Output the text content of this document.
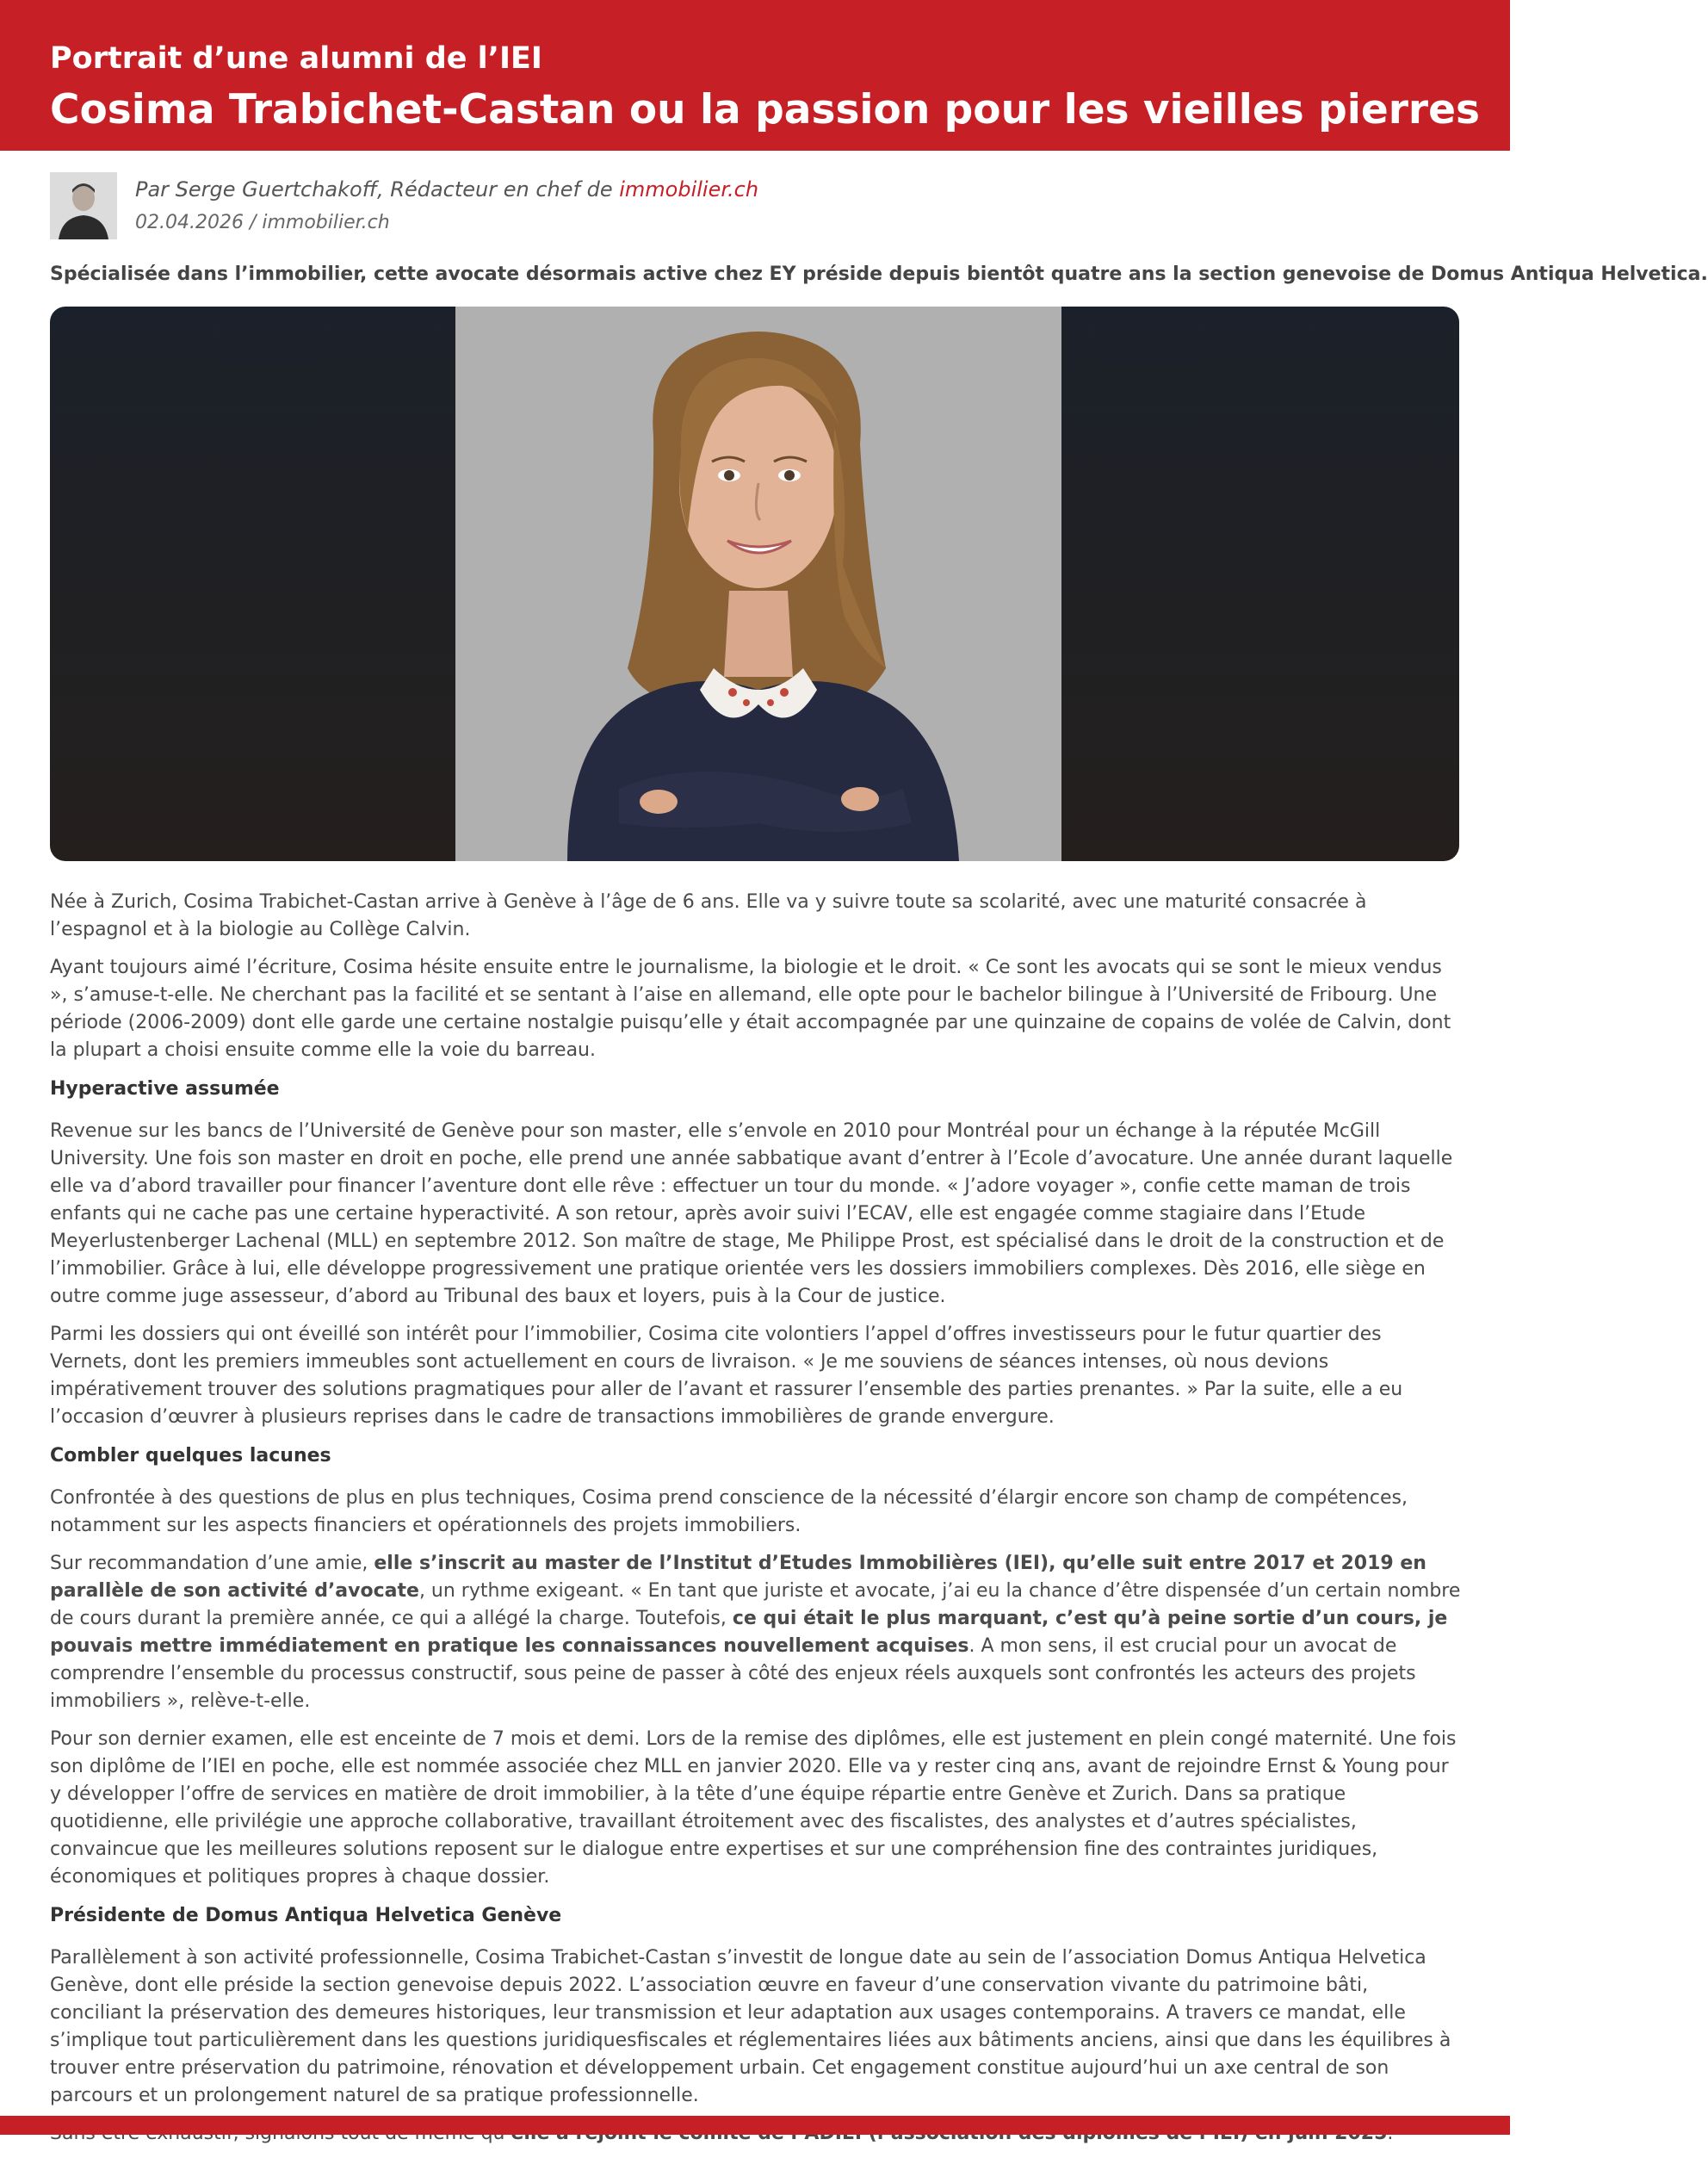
Portrait d’une alumni de l’IEI
Cosima Trabichet-Castan ou la passion pour les vieilles pierres
Par Serge Guertchakoff, Rédacteur en chef de immobilier.ch
02.04.2026 / immobilier.ch
Spécialisée dans l’immobilier, cette avocate désormais active chez EY préside depuis bientôt quatre ans la section genevoise de Domus Antiqua Helvetica.

Née à Zurich, Cosima Trabichet-Castan arrive à Genève à l’âge de 6 ans. Elle va y suivre toute sa scolarité, avec une maturité consacrée à l’espagnol et à la biologie au Collège Calvin.

Ayant toujours aimé l’écriture, Cosima hésite ensuite entre le journalisme, la biologie et le droit. « Ce sont les avocats qui se sont le mieux vendus », s’amuse-t-elle. Ne cherchant pas la facilité et se sentant à l’aise en allemand, elle opte pour le bachelor bilingue à l’Université de Fribourg. Une période (2006-2009) dont elle garde une certaine nostalgie puisqu’elle y était accompagnée par une quinzaine de copains de volée de Calvin, dont la plupart a choisi ensuite comme elle la voie du barreau.

Hyperactive assumée

Revenue sur les bancs de l’Université de Genève pour son master, elle s’envole en 2010 pour Montréal pour un échange à la réputée McGill University. Une fois son master en droit en poche, elle prend une année sabbatique avant d’entrer à l’Ecole d’avocature. Une année durant laquelle elle va d’abord travailler pour financer l’aventure dont elle rêve : effectuer un tour du monde. « J’adore voyager », confie cette maman de trois enfants qui ne cache pas une certaine hyperactivité. A son retour, après avoir suivi l’ECAV, elle est engagée comme stagiaire dans l’Etude Meyerlustenberger Lachenal (MLL) en septembre 2012. Son maître de stage, Me Philippe Prost, est spécialisé dans le droit de la construction et de l’immobilier. Grâce à lui, elle développe progressivement une pratique orientée vers les dossiers immobiliers complexes. Dès 2016, elle siège en outre comme juge assesseur, d’abord au Tribunal des baux et loyers, puis à la Cour de justice.

Parmi les dossiers qui ont éveillé son intérêt pour l’immobilier, Cosima cite volontiers l’appel d’offres investisseurs pour le futur quartier des Vernets, dont les premiers immeubles sont actuellement en cours de livraison. « Je me souviens de séances intenses, où nous devions impérativement trouver des solutions pragmatiques pour aller de l’avant et rassurer l’ensemble des parties prenantes. » Par la suite, elle a eu l’occasion d’œuvrer à plusieurs reprises dans le cadre de transactions immobilières de grande envergure.

Combler quelques lacunes

Confrontée à des questions de plus en plus techniques, Cosima prend conscience de la nécessité d’élargir encore son champ de compétences, notamment sur les aspects financiers et opérationnels des projets immobiliers.

Sur recommandation d’une amie, elle s’inscrit au master de l’Institut d’Etudes Immobilières (IEI), qu’elle suit entre 2017 et 2019 en parallèle de son activité d’avocate, un rythme exigeant. « En tant que juriste et avocate, j’ai eu la chance d’être dispensée d’un certain nombre de cours durant la première année, ce qui a allégé la charge. Toutefois, ce qui était le plus marquant, c’est qu’à peine sortie d’un cours, je pouvais mettre immédiatement en pratique les connaissances nouvellement acquises. A mon sens, il est crucial pour un avocat de comprendre l’ensemble du processus constructif, sous peine de passer à côté des enjeux réels auxquels sont confrontés les acteurs des projets immobiliers », relève-t-elle.

Pour son dernier examen, elle est enceinte de 7 mois et demi. Lors de la remise des diplômes, elle est justement en plein congé maternité. Une fois son diplôme de l’IEI en poche, elle est nommée associée chez MLL en janvier 2020. Elle va y rester cinq ans, avant de rejoindre Ernst & Young pour y développer l’offre de services en matière de droit immobilier, à la tête d’une équipe répartie entre Genève et Zurich. Dans sa pratique quotidienne, elle privilégie une approche collaborative, travaillant étroitement avec des fiscalistes, des analystes et d’autres spécialistes, convaincue que les meilleures solutions reposent sur le dialogue entre expertises et sur une compréhension fine des contraintes juridiques, économiques et politiques propres à chaque dossier.

Présidente de Domus Antiqua Helvetica Genève

Parallèlement à son activité professionnelle, Cosima Trabichet-Castan s’investit de longue date au sein de l’association Domus Antiqua Helvetica Genève, dont elle préside la section genevoise depuis 2022. L’association œuvre en faveur d’une conservation vivante du patrimoine bâti, conciliant la préservation des demeures historiques, leur transmission et leur adaptation aux usages contemporains. A travers ce mandat, elle s’implique tout particulièrement dans les questions juridiquesfiscales et réglementaires liées aux bâtiments anciens, ainsi que dans les équilibres à trouver entre préservation du patrimoine, rénovation et développement urbain. Cet engagement constitue aujourd’hui un axe central de son parcours et un prolongement naturel de sa pratique professionnelle.
